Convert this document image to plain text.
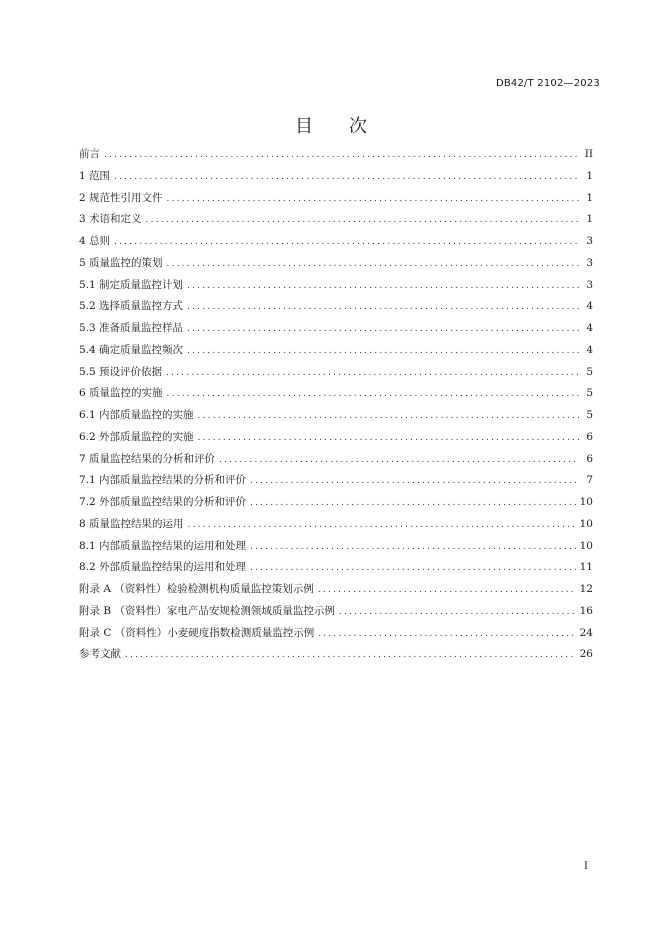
DB42/T 2102—2023
目　　次
前言 .....	II
1 范围 .....	1
2 规范性引用文件 .....	1
3 术语和定义 .....	1
4 总则 .....	3
5 质量监控的策划 .....	3
5.1 制定质量监控计划 .....	3
5.2 选择质量监控方式 .....	4
5.3 准备质量监控样品 .....	4
5.4 确定质量监控频次 .....	4
5.5 预设评价依据 .....	5
6 质量监控的实施 .....	5
6.1 内部质量监控的实施 .....	5
6.2 外部质量监控的实施 .....	6
7 质量监控结果的分析和评价 .....	6
7.1 内部质量监控结果的分析和评价 .....	7
7.2 外部质量监控结果的分析和评价 .....	10
8 质量监控结果的运用 .....	10
8.1 内部质量监控结果的运用和处理 .....	10
8.2 外部质量监控结果的运用和处理 .....	11
附录 A （资料性）检验检测机构质量监控策划示例 .....	12
附录 B （资料性）家电产品安规检测领域质量监控示例 .....	16
附录 C （资料性）小麦硬度指数检测质量监控示例 .....	24
参考文献 .....	26
I
